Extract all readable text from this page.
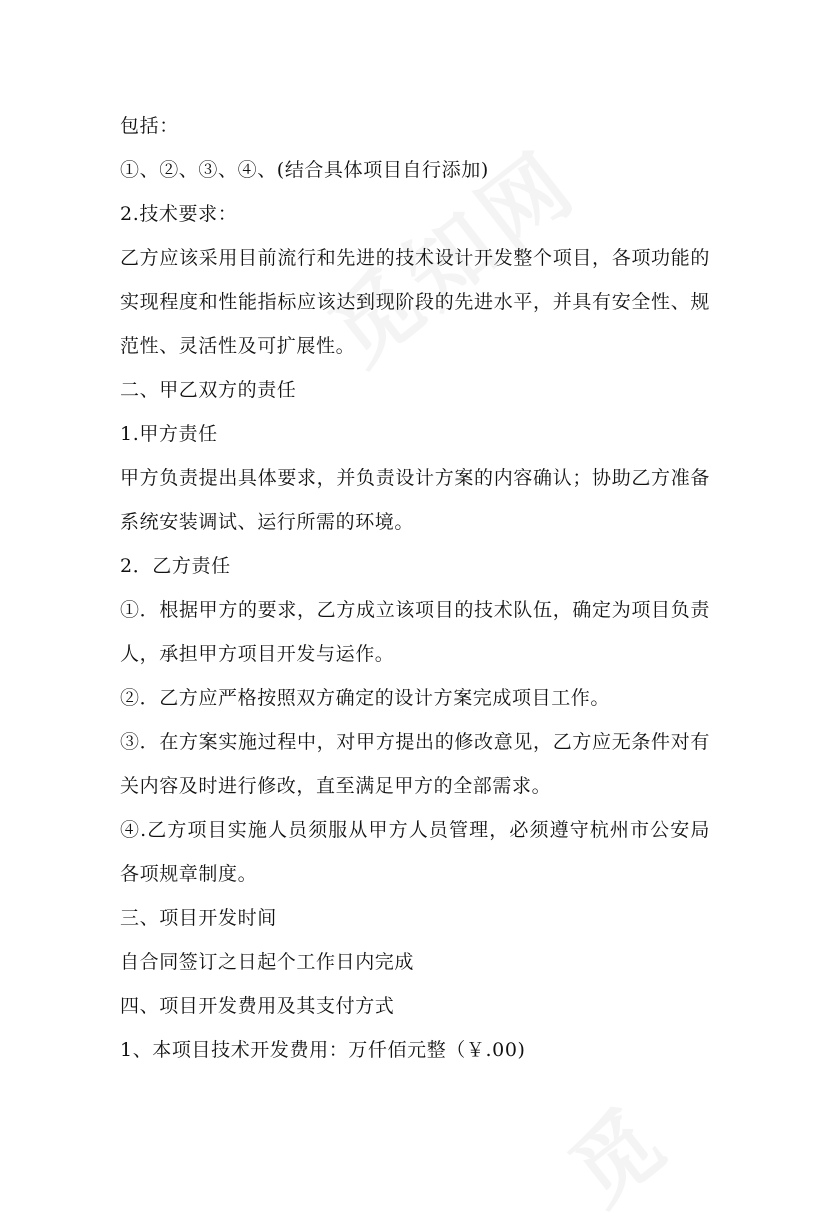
包括：
①、②、③、④、(结合具体项目自行添加)
2.技术要求：
乙方应该采用目前流行和先进的技术设计开发整个项目，各项功能的
实现程度和性能指标应该达到现阶段的先进水平，并具有安全性、规
范性、灵活性及可扩展性。
二、甲乙双方的责任
1.甲方责任
甲方负责提出具体要求，并负责设计方案的内容确认；协助乙方准备
系统安装调试、运行所需的环境。
2．乙方责任
①．根据甲方的要求，乙方成立该项目的技术队伍，确定为项目负责
人，承担甲方项目开发与运作。
②．乙方应严格按照双方确定的设计方案完成项目工作。
③．在方案实施过程中，对甲方提出的修改意见，乙方应无条件对有
关内容及时进行修改，直至满足甲方的全部需求。
④.乙方项目实施人员须服从甲方人员管理，必须遵守杭州市公安局
各项规章制度。
三、项目开发时间
自合同签订之日起个工作日内完成
四、项目开发费用及其支付方式
1、本项目技术开发费用：万仟佰元整（￥.00)
